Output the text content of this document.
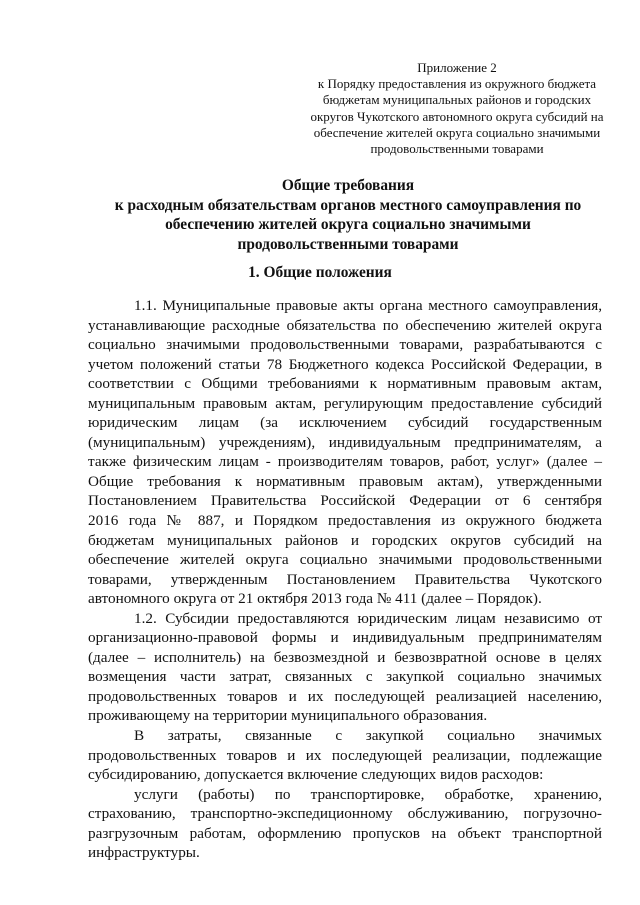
Приложение 2
к Порядку предоставления из окружного бюджета
бюджетам муниципальных районов и городских
округов Чукотского автономного округа субсидий на
обеспечение жителей округа социально значимыми
продовольственными товарами
Общие требования
к расходным обязательствам органов местного самоуправления по
обеспечению жителей округа социально значимыми
продовольственными товарами
1. Общие положения
1.1. Муниципальные правовые акты органа местного самоуправления,
устанавливающие расходные обязательства по обеспечению жителей округа
социально значимыми продовольственными товарами, разрабатываются с
учетом положений статьи 78 Бюджетного кодекса Российской Федерации, в
соответствии с Общими требованиями к нормативным правовым актам,
муниципальным правовым актам, регулирующим предоставление субсидий
юридическим лицам (за исключением субсидий государственным
(муниципальным) учреждениям), индивидуальным предпринимателям, а
также физическим лицам - производителям товаров, работ, услуг» (далее –
Общие требования к нормативным правовым актам), утвержденными
Постановлением Правительства Российской Федерации от 6 сентября
2016 года № 887, и Порядком предоставления из окружного бюджета
бюджетам муниципальных районов и городских округов субсидий на
обеспечение жителей округа социально значимыми продовольственными
товарами, утвержденным Постановлением Правительства Чукотского
автономного округа от 21 октября 2013 года № 411 (далее – Порядок).
1.2. Субсидии предоставляются юридическим лицам независимо от
организационно-правовой формы и индивидуальным предпринимателям
(далее – исполнитель) на безвозмездной и безвозвратной основе в целях
возмещения части затрат, связанных с закупкой социально значимых
продовольственных товаров и их последующей реализацией населению,
проживающему на территории муниципального образования.
В затраты, связанные с закупкой социально значимых
продовольственных товаров и их последующей реализации, подлежащие
субсидированию, допускается включение следующих видов расходов:
услуги (работы) по транспортировке, обработке, хранению,
страхованию, транспортно-экспедиционному обслуживанию, погрузочно-
разгрузочным работам, оформлению пропусков на объект транспортной
инфраструктуры.
